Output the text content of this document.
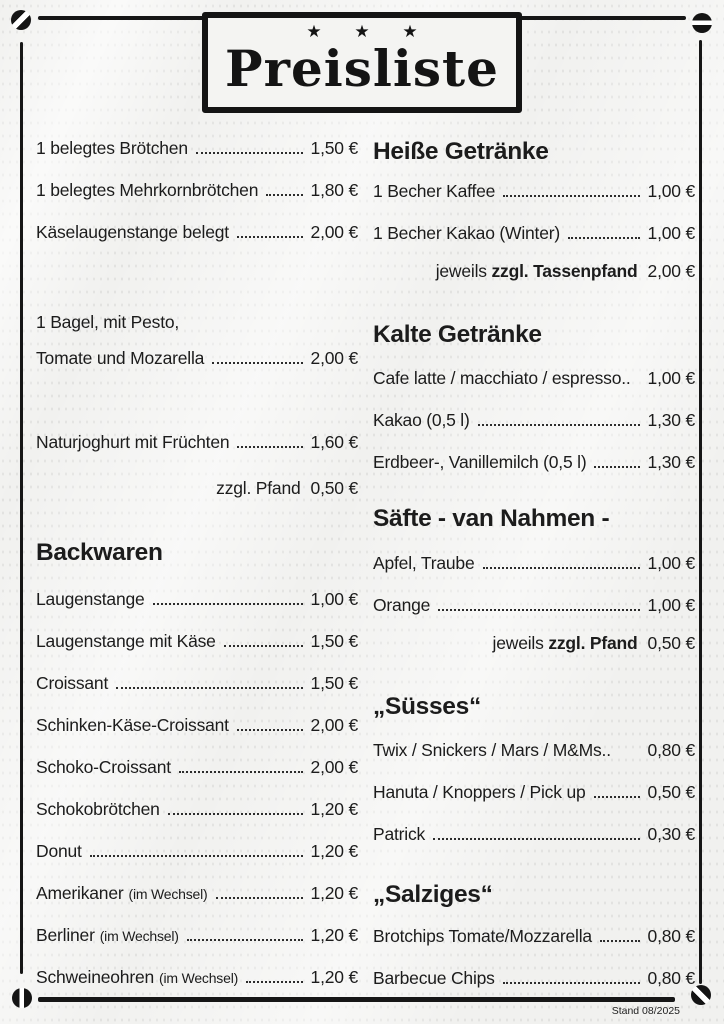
★ ★ ★
Preisliste
1 belegtes Brötchen	1,50 €
1 belegtes Mehrkornbrötchen	1,80 €
Käselaugenstange belegt	2,00 €
1 Bagel, mit Pesto,
Tomate und Mozarella	2,00 €
Naturjoghurt mit Früchten	1,60 €
zzgl. Pfand 0,50 €
Backwaren
Laugenstange	1,00 €
Laugenstange mit Käse	1,50 €
Croissant	1,50 €
Schinken-Käse-Croissant	2,00 €
Schoko-Croissant	2,00 €
Schokobrötchen	1,20 €
Donut	1,20 €
Amerikaner (im Wechsel)	1,20 €
Berliner (im Wechsel)	1,20 €
Schweineohren (im Wechsel)	1,20 €
Heiße Getränke
1 Becher Kaffee	1,00 €
1 Becher Kakao (Winter)	1,00 €
jeweils zzgl. Tassenpfand 2,00 €
Kalte Getränke
Cafe latte / macchiato / espresso.. 1,00 €
Kakao (0,5 l)	1,30 €
Erdbeer-, Vanillemilch (0,5 l)	1,30 €
Säfte - van Nahmen -
Apfel, Traube	1,00 €
Orange	1,00 €
jeweils zzgl. Pfand 0,50 €
„Süsses“
Twix / Snickers / Mars / M&Ms.. 0,80 €
Hanuta / Knoppers / Pick up	0,50 €
Patrick	0,30 €
„Salziges“
Brotchips Tomate/Mozzarella	0,80 €
Barbecue Chips	0,80 €
Stand 08/2025
